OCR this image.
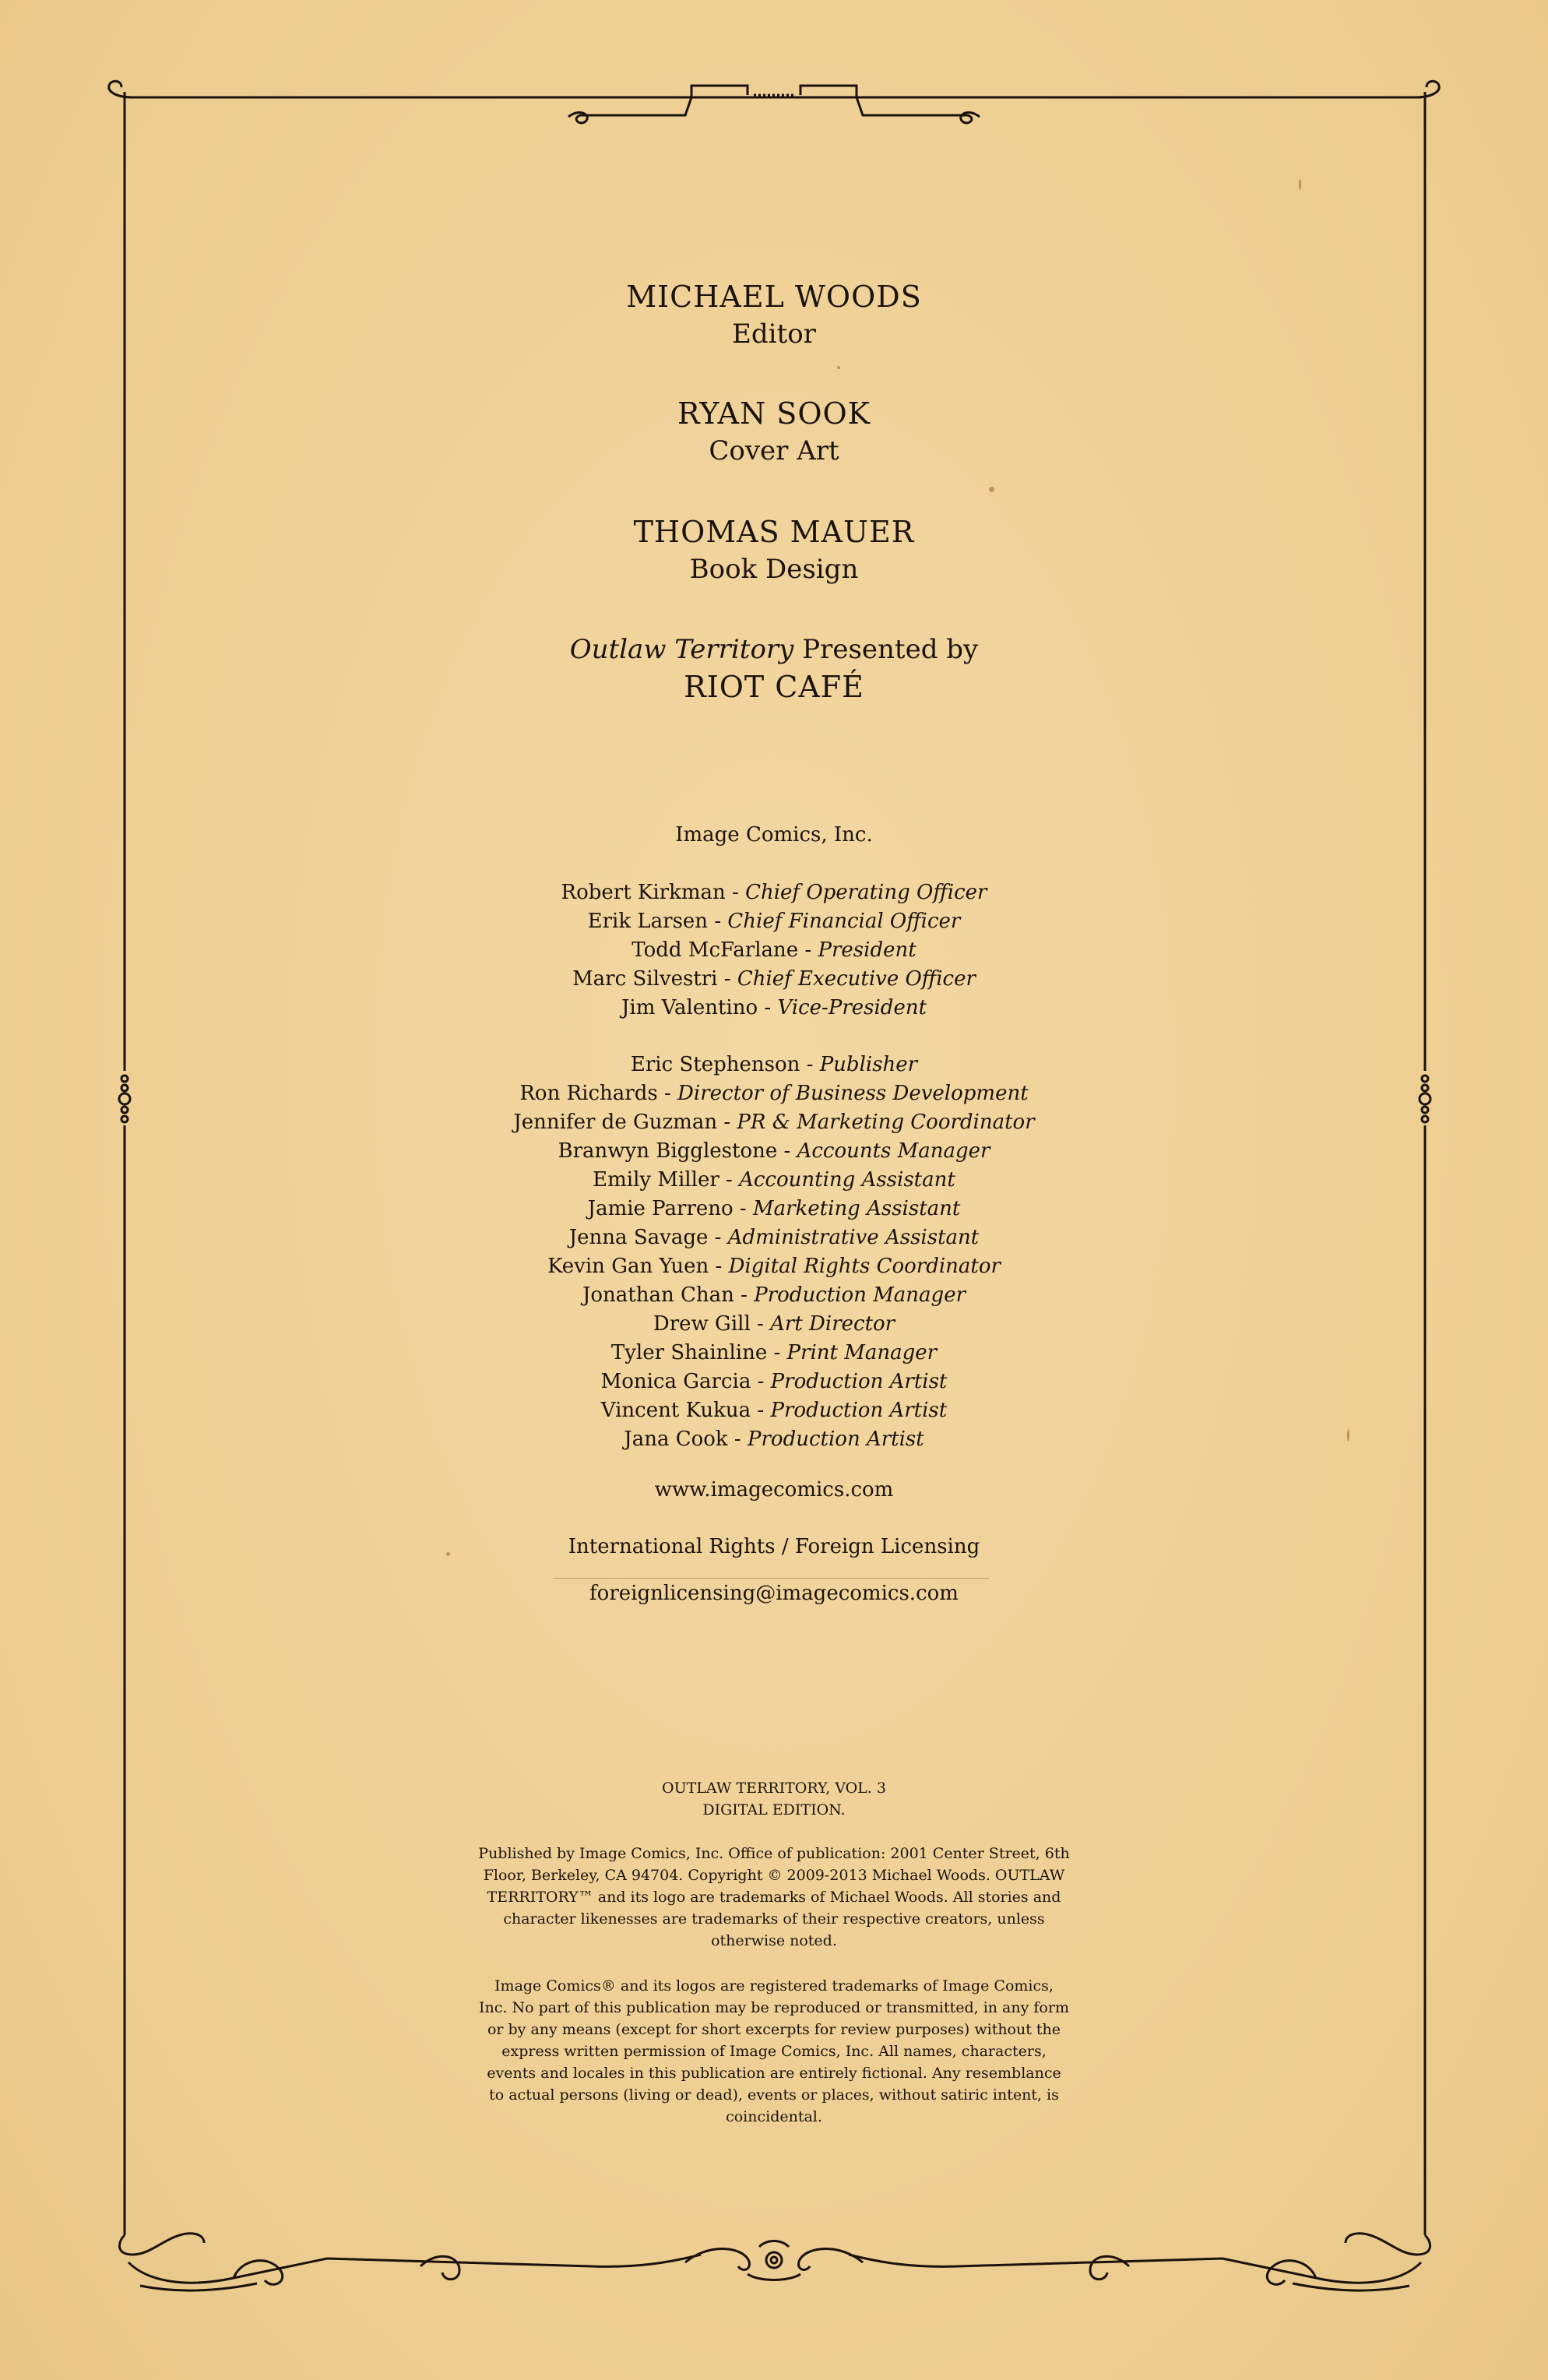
MICHAEL WOODS
Editor
RYAN SOOK
Cover Art
THOMAS MAUER
Book Design
Outlaw Territory Presented by
RIOT CAFÉ
Image Comics, Inc.
Robert Kirkman - Chief Operating Officer
Erik Larsen - Chief Financial Officer
Todd McFarlane - President
Marc Silvestri - Chief Executive Officer
Jim Valentino - Vice-President
Eric Stephenson - Publisher
Ron Richards - Director of Business Development
Jennifer de Guzman - PR & Marketing Coordinator
Branwyn Bigglestone - Accounts Manager
Emily Miller - Accounting Assistant
Jamie Parreno - Marketing Assistant
Jenna Savage - Administrative Assistant
Kevin Gan Yuen - Digital Rights Coordinator
Jonathan Chan - Production Manager
Drew Gill - Art Director
Tyler Shainline - Print Manager
Monica Garcia - Production Artist
Vincent Kukua - Production Artist
Jana Cook - Production Artist
www.imagecomics.com
International Rights / Foreign Licensing
foreignlicensing@imagecomics.com
OUTLAW TERRITORY, VOL. 3
DIGITAL EDITION.
Published by Image Comics, Inc. Office of publication: 2001 Center Street, 6th Floor, Berkeley, CA 94704. Copyright © 2009-2013 Michael Woods. OUTLAW TERRITORY™ and its logo are trademarks of Michael Woods. All stories and character likenesses are trademarks of their respective creators, unless otherwise noted.
Image Comics® and its logos are registered trademarks of Image Comics, Inc. No part of this publication may be reproduced or transmitted, in any form or by any means (except for short excerpts for review purposes) without the express written permission of Image Comics, Inc. All names, characters, events and locales in this publication are entirely fictional. Any resemblance to actual persons (living or dead), events or places, without satiric intent, is coincidental.
